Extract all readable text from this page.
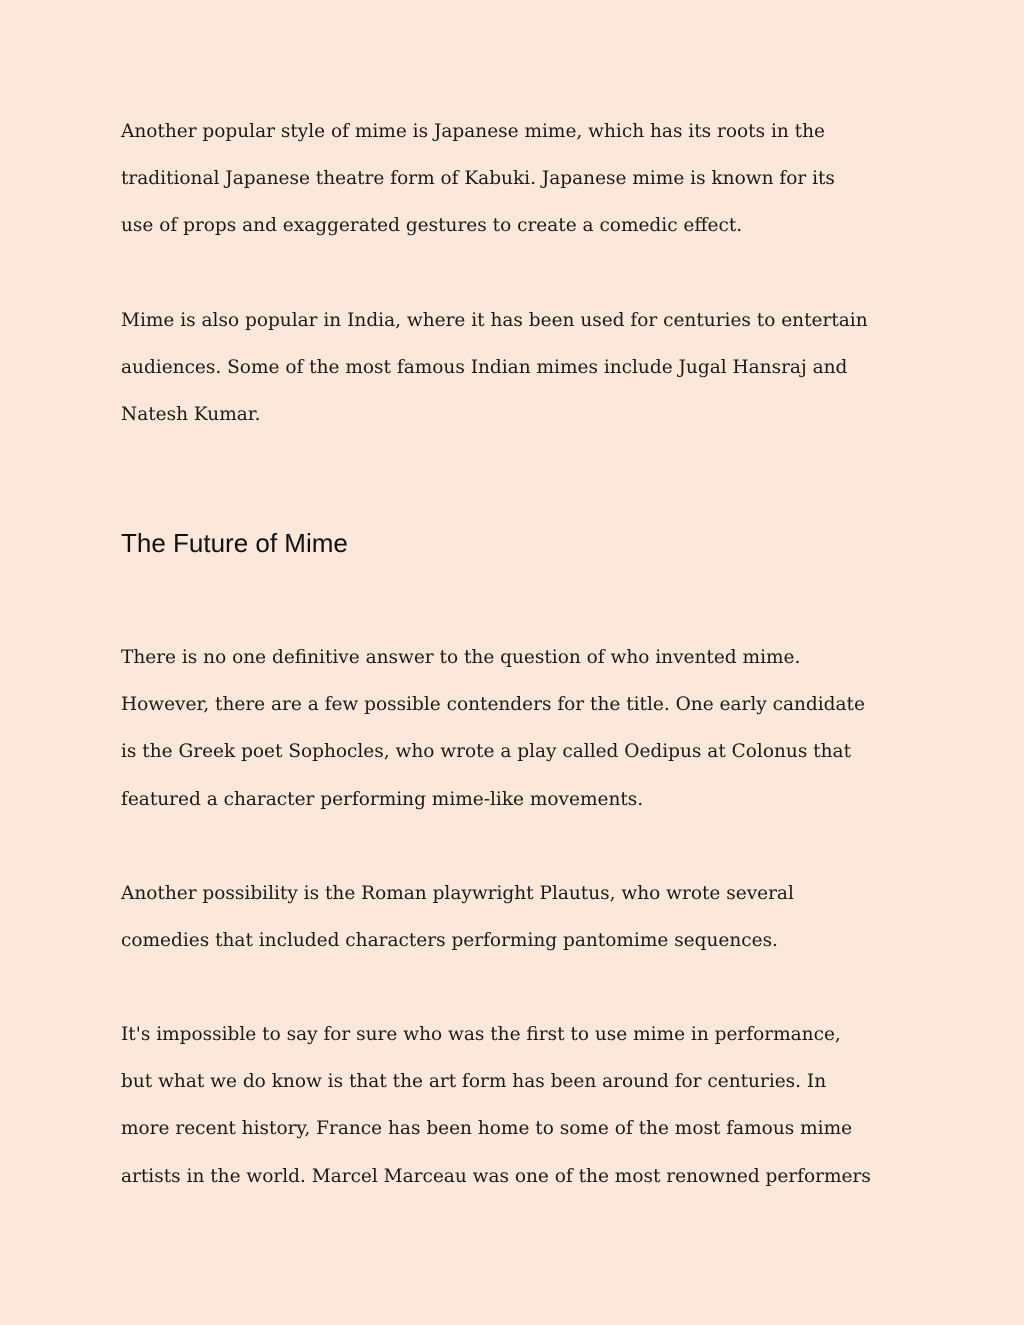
Another popular style of mime is Japanese mime, which has its roots in the
traditional Japanese theatre form of Kabuki. Japanese mime is known for its
use of props and exaggerated gestures to create a comedic effect.

Mime is also popular in India, where it has been used for centuries to entertain
audiences. Some of the most famous Indian mimes include Jugal Hansraj and
Natesh Kumar.

The Future of Mime

There is no one definitive answer to the question of who invented mime.
However, there are a few possible contenders for the title. One early candidate
is the Greek poet Sophocles, who wrote a play called Oedipus at Colonus that
featured a character performing mime-like movements.

Another possibility is the Roman playwright Plautus, who wrote several
comedies that included characters performing pantomime sequences.

It's impossible to say for sure who was the first to use mime in performance,
but what we do know is that the art form has been around for centuries. In
more recent history, France has been home to some of the most famous mime
artists in the world. Marcel Marceau was one of the most renowned performers
